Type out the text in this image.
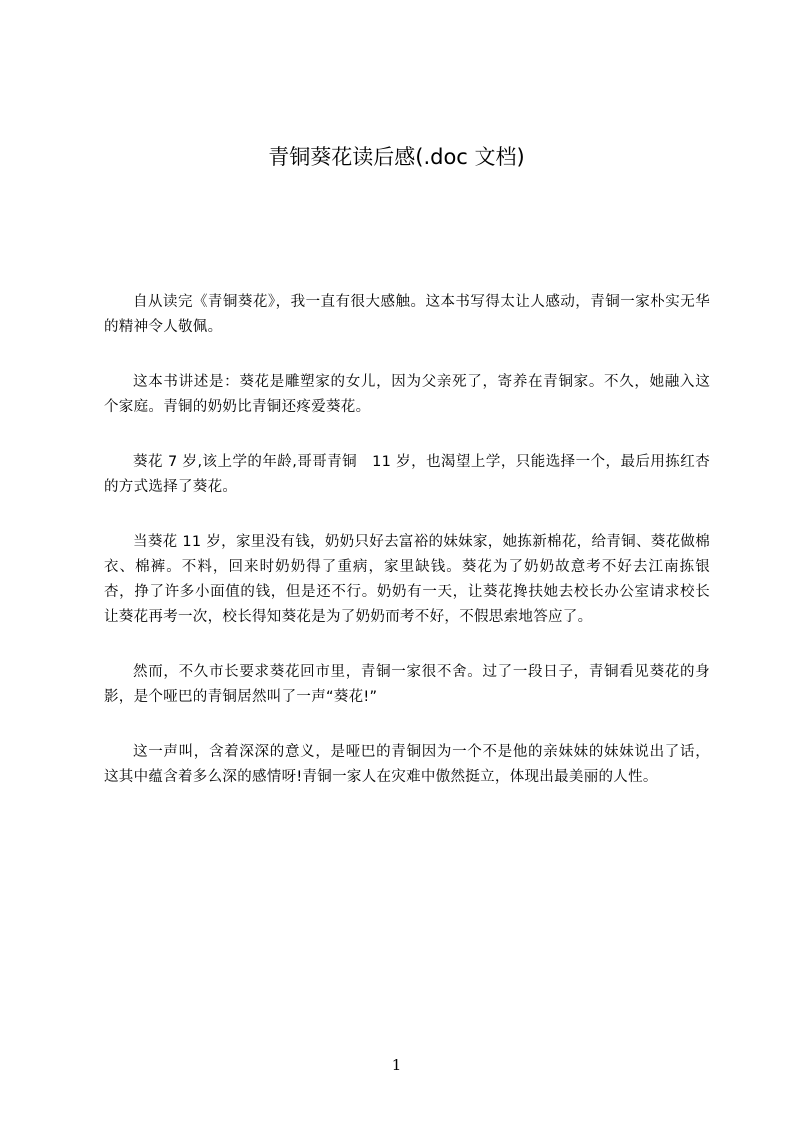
青铜葵花读后感(.doc 文档)

自从读完《青铜葵花》，我一直有很大感触。这本书写得太让人感动，青铜一家朴实无华的精神令人敬佩。

这本书讲述是：葵花是雕塑家的女儿，因为父亲死了，寄养在青铜家。不久，她融入这个家庭。青铜的奶奶比青铜还疼爱葵花。

葵花 7 岁,该上学的年龄,哥哥青铜　11 岁，也渴望上学，只能选择一个，最后用拣红杏的方式选择了葵花。

当葵花 11 岁，家里没有钱，奶奶只好去富裕的妹妹家，她拣新棉花，给青铜、葵花做棉衣、棉裤。不料，回来时奶奶得了重病，家里缺钱。葵花为了奶奶故意考不好去江南拣银杏，挣了许多小面值的钱，但是还不行。奶奶有一天，让葵花搀扶她去校长办公室请求校长让葵花再考一次，校长得知葵花是为了奶奶而考不好，不假思索地答应了。

然而，不久市长要求葵花回市里，青铜一家很不舍。过了一段日子，青铜看见葵花的身影，是个哑巴的青铜居然叫了一声“葵花!”

这一声叫，含着深深的意义，是哑巴的青铜因为一个不是他的亲妹妹的妹妹说出了话，这其中蕴含着多么深的感情呀!青铜一家人在灾难中傲然挺立，体现出最美丽的人性。

1
